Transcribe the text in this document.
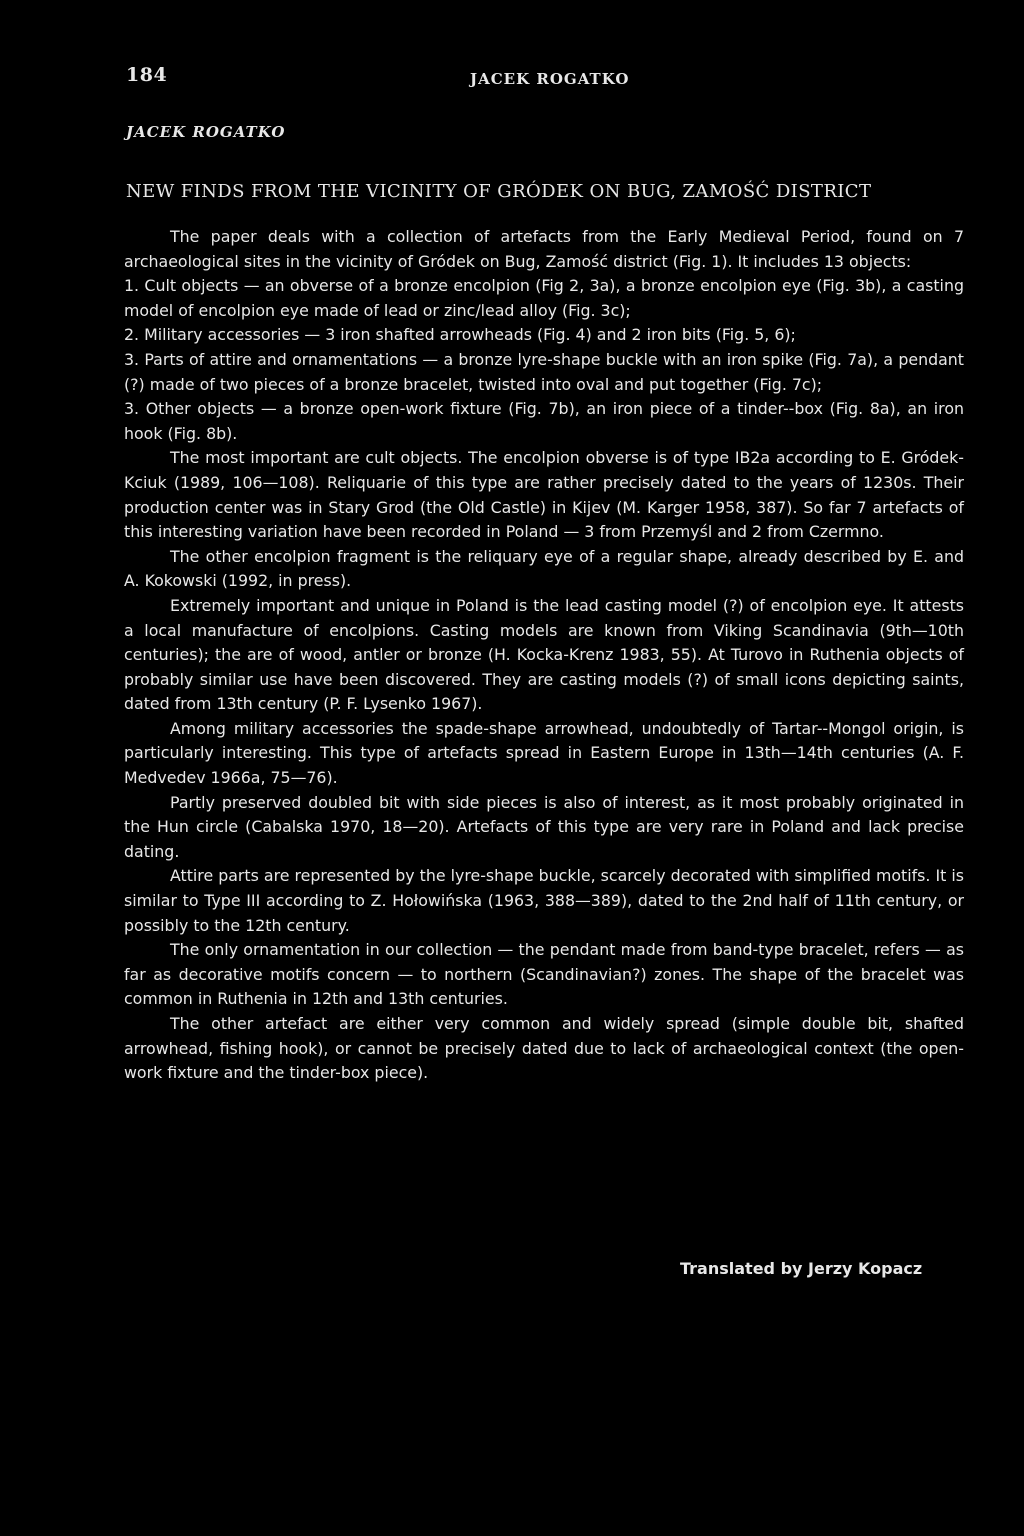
184	JACEK ROGATKO
JACEK ROGATKO
NEW FINDS FROM THE VICINITY OF GRÓDEK ON BUG, ZAMOŚĆ DISTRICT

The paper deals with a collection of artefacts from the Early Medieval Period, found on 7 archaeological sites in the vicinity of Gródek on Bug, Zamość district (Fig. 1). It includes 13 objects:

1. Cult objects — an obverse of a bronze encolpion (Fig 2, 3a), a bronze encolpion eye (Fig. 3b), a casting model of encolpion eye made of lead or zinc/lead alloy (Fig. 3c);

2. Military accessories — 3 iron shafted arrowheads (Fig. 4) and 2 iron bits (Fig. 5, 6);

3. Parts of attire and ornamentations — a bronze lyre-shape buckle with an iron spike (Fig. 7a), a pendant (?) made of two pieces of a bronze bracelet, twisted into oval and put together (Fig. 7c);

3. Other objects — a bronze open-work fixture (Fig. 7b), an iron piece of a tinder--box (Fig. 8a), an iron hook (Fig. 8b).

The most important are cult objects. The encolpion obverse is of type IB2a according to E. Gródek-Kciuk (1989, 106—108). Reliquarie of this type are rather precisely dated to the years of 1230s. Their production center was in Stary Grod (the Old Castle) in Kijev (M. Karger 1958, 387). So far 7 artefacts of this interesting variation have been recorded in Poland — 3 from Przemyśl and 2 from Czermno.

The other encolpion fragment is the reliquary eye of a regular shape, already described by E. and A. Kokowski (1992, in press).

Extremely important and unique in Poland is the lead casting model (?) of encolpion eye. It attests a local manufacture of encolpions. Casting models are known from Viking Scandinavia (9th—10th centuries); the are of wood, antler or bronze (H. Kocka-Krenz 1983, 55). At Turovo in Ruthenia objects of probably similar use have been discovered. They are casting models (?) of small icons depicting saints, dated from 13th century (P. F. Lysenko 1967).

Among military accessories the spade-shape arrowhead, undoubtedly of Tartar--Mongol origin, is particularly interesting. This type of artefacts spread in Eastern Europe in 13th—14th centuries (A. F. Medvedev 1966a, 75—76).

Partly preserved doubled bit with side pieces is also of interest, as it most probably originated in the Hun circle (Cabalska 1970, 18—20). Artefacts of this type are very rare in Poland and lack precise dating.

Attire parts are represented by the lyre-shape buckle, scarcely decorated with simplified motifs. It is similar to Type III according to Z. Hołowińska (1963, 388—389), dated to the 2nd half of 11th century, or possibly to the 12th century.

The only ornamentation in our collection — the pendant made from band-type bracelet, refers — as far as decorative motifs concern — to northern (Scandinavian?) zones. The shape of the bracelet was common in Ruthenia in 12th and 13th centuries.

The other artefact are either very common and widely spread (simple double bit, shafted arrowhead, fishing hook), or cannot be precisely dated due to lack of archaeological context (the open-work fixture and the tinder-box piece).

Translated by Jerzy Kopacz
